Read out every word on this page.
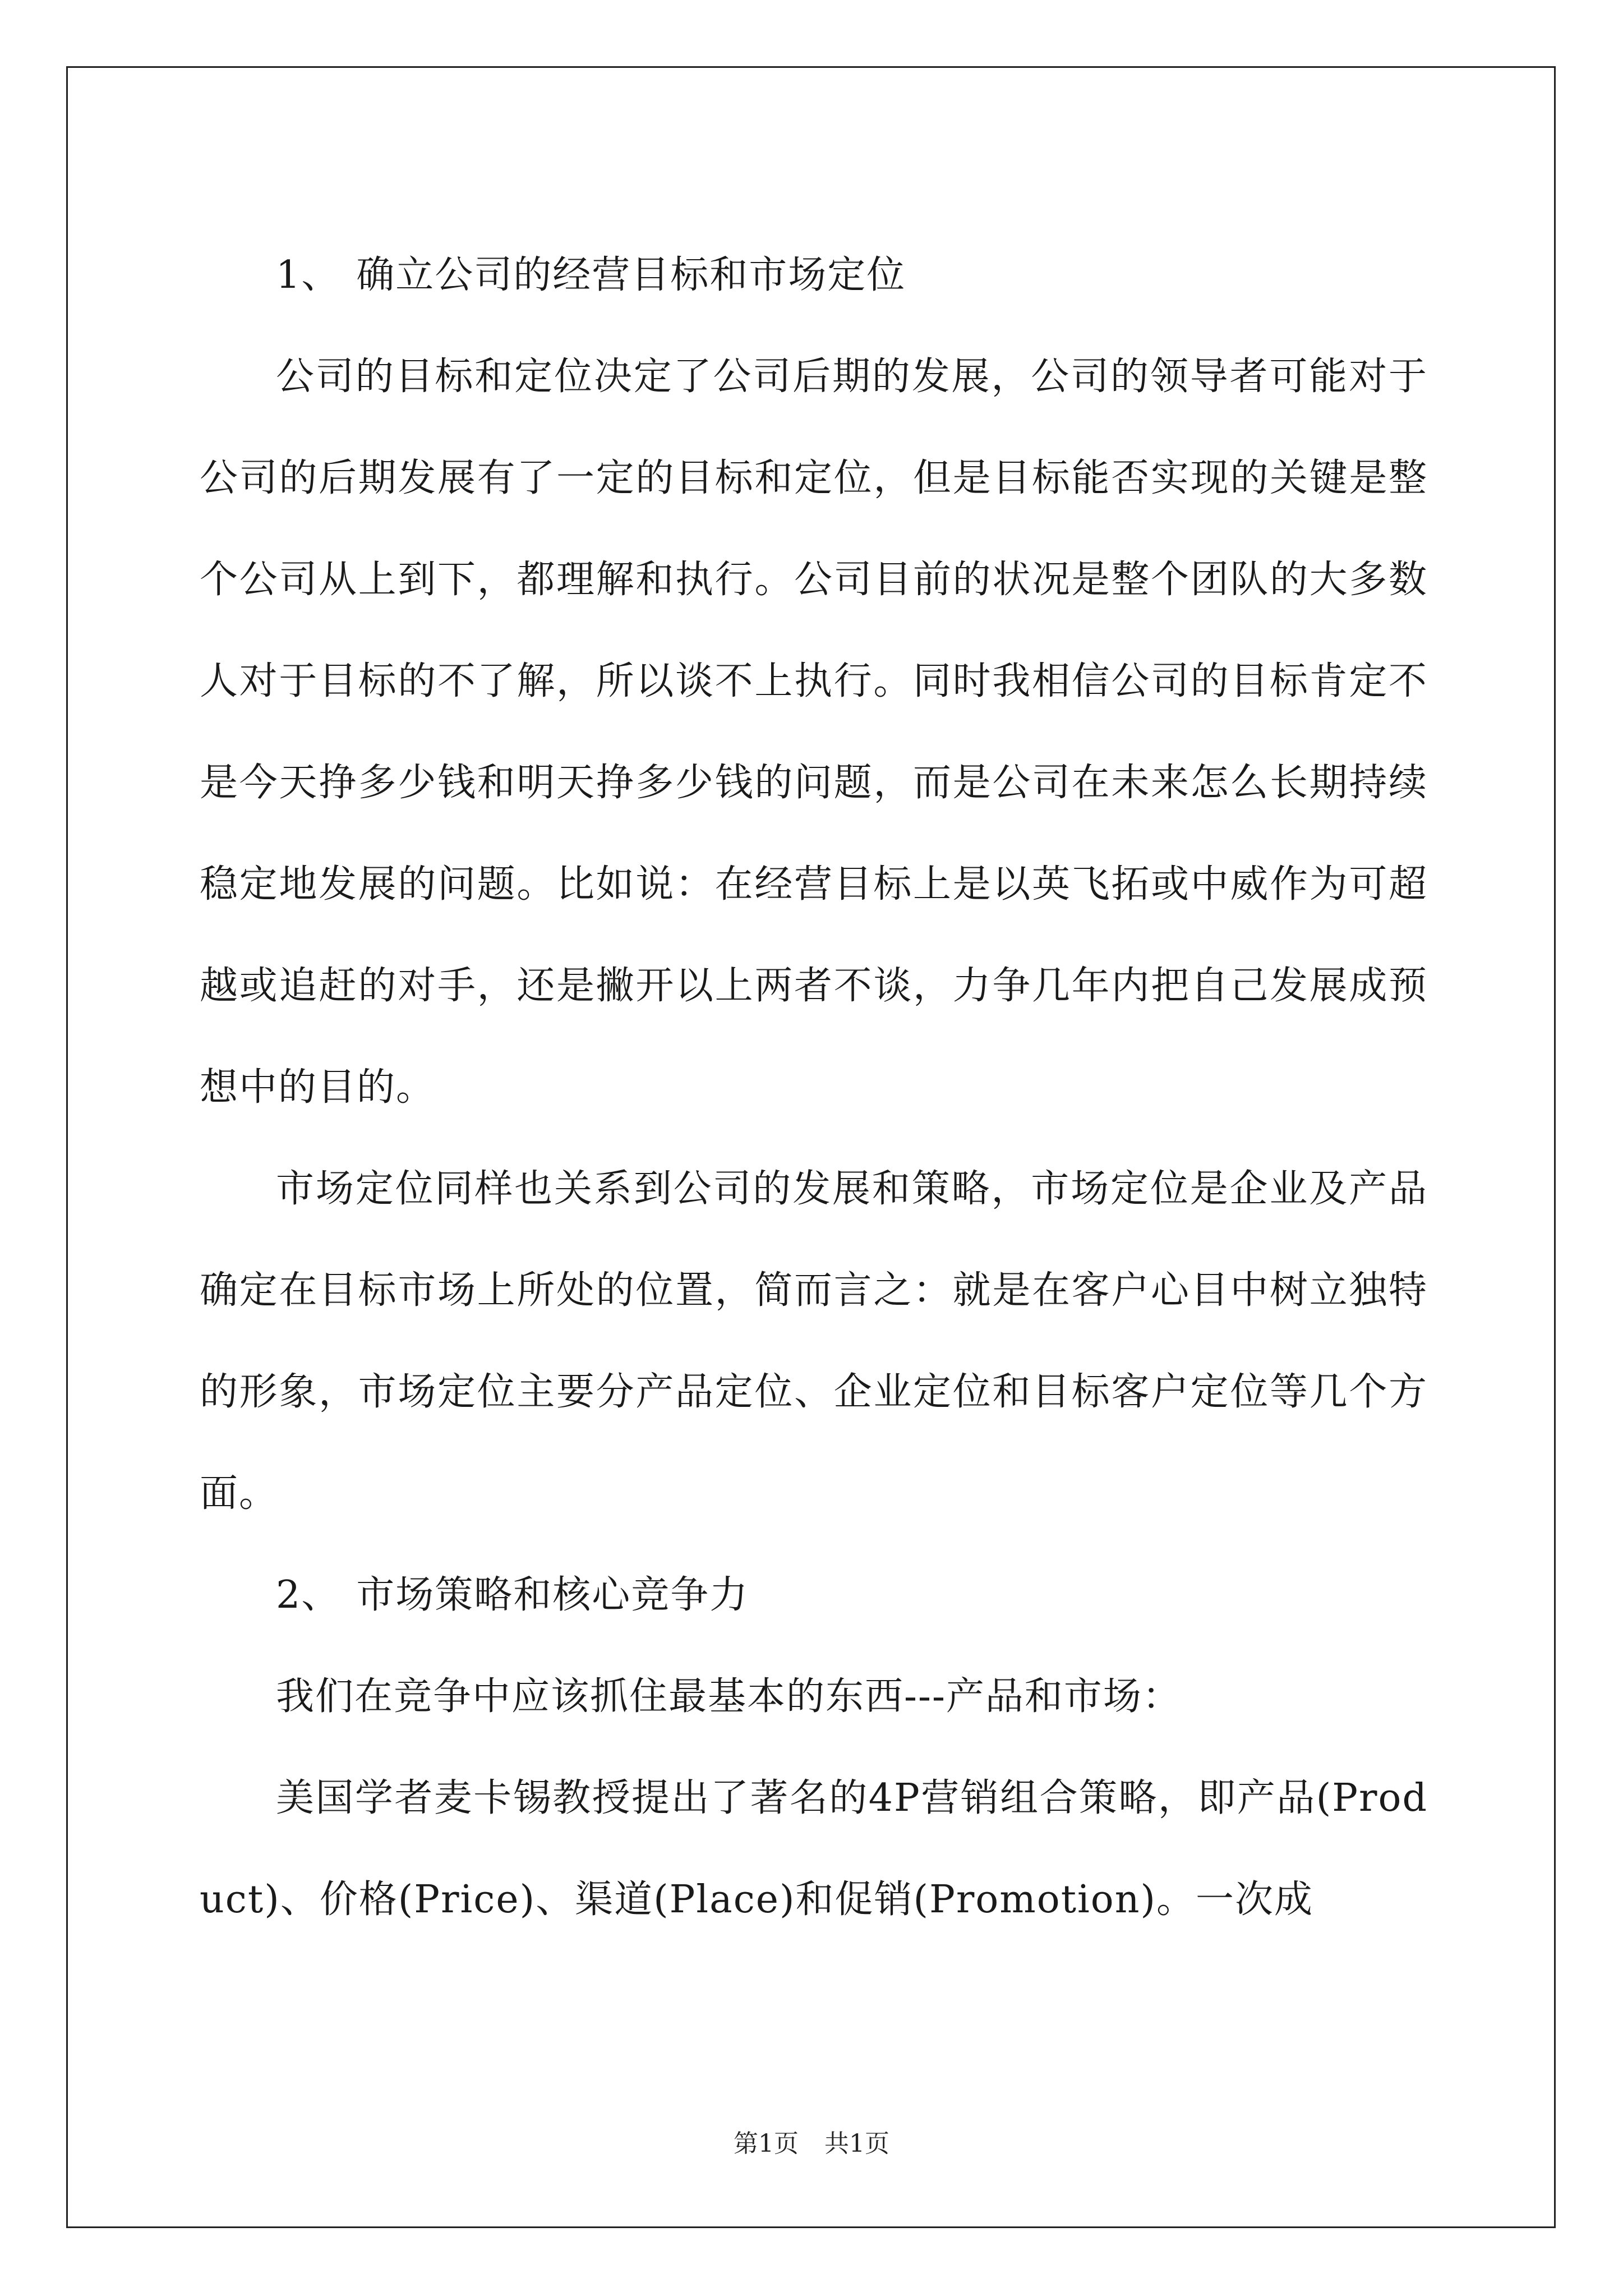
1、 确立公司的经营目标和市场定位

公司的目标和定位决定了公司后期的发展，公司的领导者可能对于公司的后期发展有了一定的目标和定位，但是目标能否实现的关键是整个公司从上到下，都理解和执行。公司目前的状况是整个团队的大多数人对于目标的不了解，所以谈不上执行。同时我相信公司的目标肯定不是今天挣多少钱和明天挣多少钱的问题，而是公司在未来怎么长期持续稳定地发展的问题。比如说：在经营目标上是以英飞拓或中威作为可超越或追赶的对手，还是撇开以上两者不谈，力争几年内把自己发展成预想中的目的。

市场定位同样也关系到公司的发展和策略，市场定位是企业及产品确定在目标市场上所处的位置，简而言之：就是在客户心目中树立独特的形象，市场定位主要分产品定位、企业定位和目标客户定位等几个方面。

2、 市场策略和核心竞争力

我们在竞争中应该抓住最基本的东西---产品和市场：

美国学者麦卡锡教授提出了著名的4P营销组合策略，即产品(Product)、价格(Price)、渠道(Place)和促销(Promotion)。一次成

第1页 共1页
